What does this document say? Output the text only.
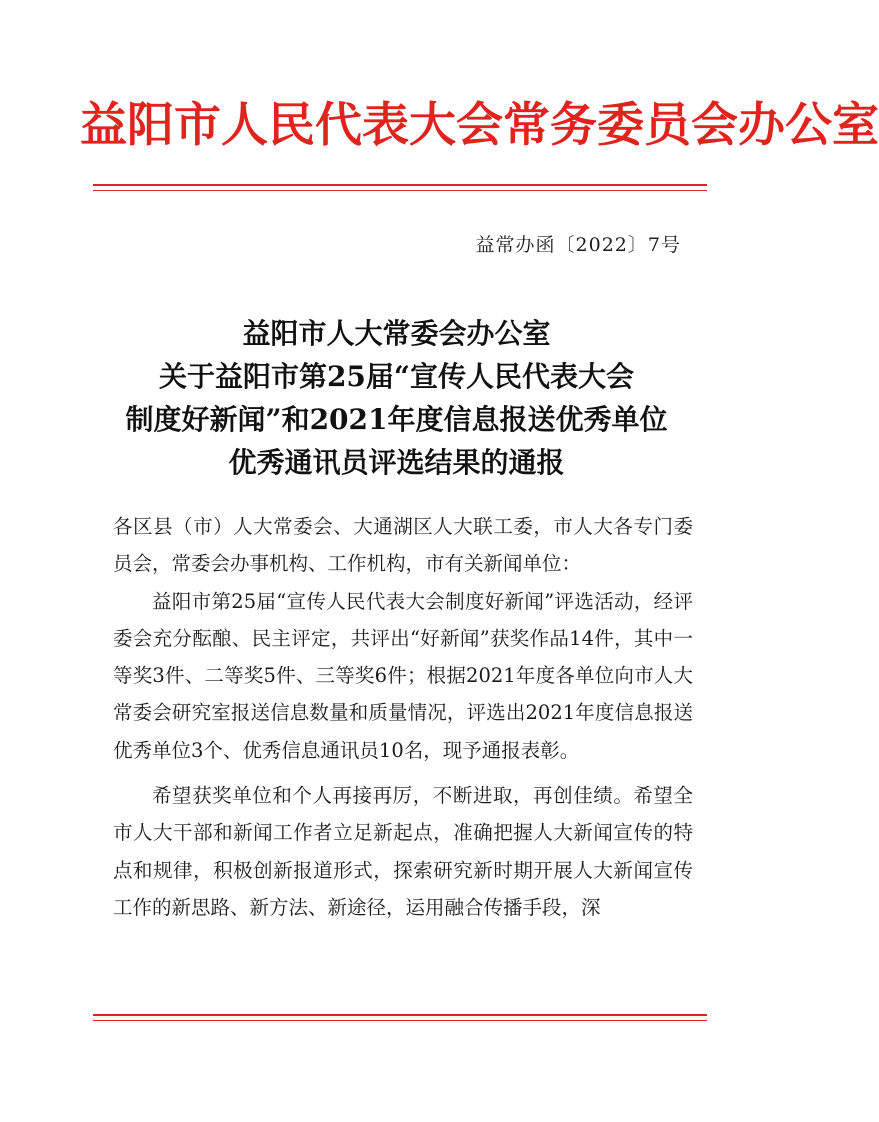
益阳市人民代表大会常务委员会办公室
益常办函〔2022〕7号
益阳市人大常委会办公室
关于益阳市第25届“宣传人民代表大会
制度好新闻”和2021年度信息报送优秀单位
优秀通讯员评选结果的通报

各区县（市）人大常委会、大通湖区人大联工委，市人大各专门委员会，常委会办事机构、工作机构，市有关新闻单位：

益阳市第25届“宣传人民代表大会制度好新闻”评选活动，经评委会充分酝酿、民主评定，共评出“好新闻”获奖作品14件，其中一等奖3件、二等奖5件、三等奖6件；根据2021年度各单位向市人大常委会研究室报送信息数量和质量情况，评选出2021年度信息报送优秀单位3个、优秀信息通讯员10名，现予通报表彰。

希望获奖单位和个人再接再厉，不断进取，再创佳绩。希望全市人大干部和新闻工作者立足新起点，准确把握人大新闻宣传的特点和规律，积极创新报道形式，探索研究新时期开展人大新闻宣传工作的新思路、新方法、新途径，运用融合传播手段，深
